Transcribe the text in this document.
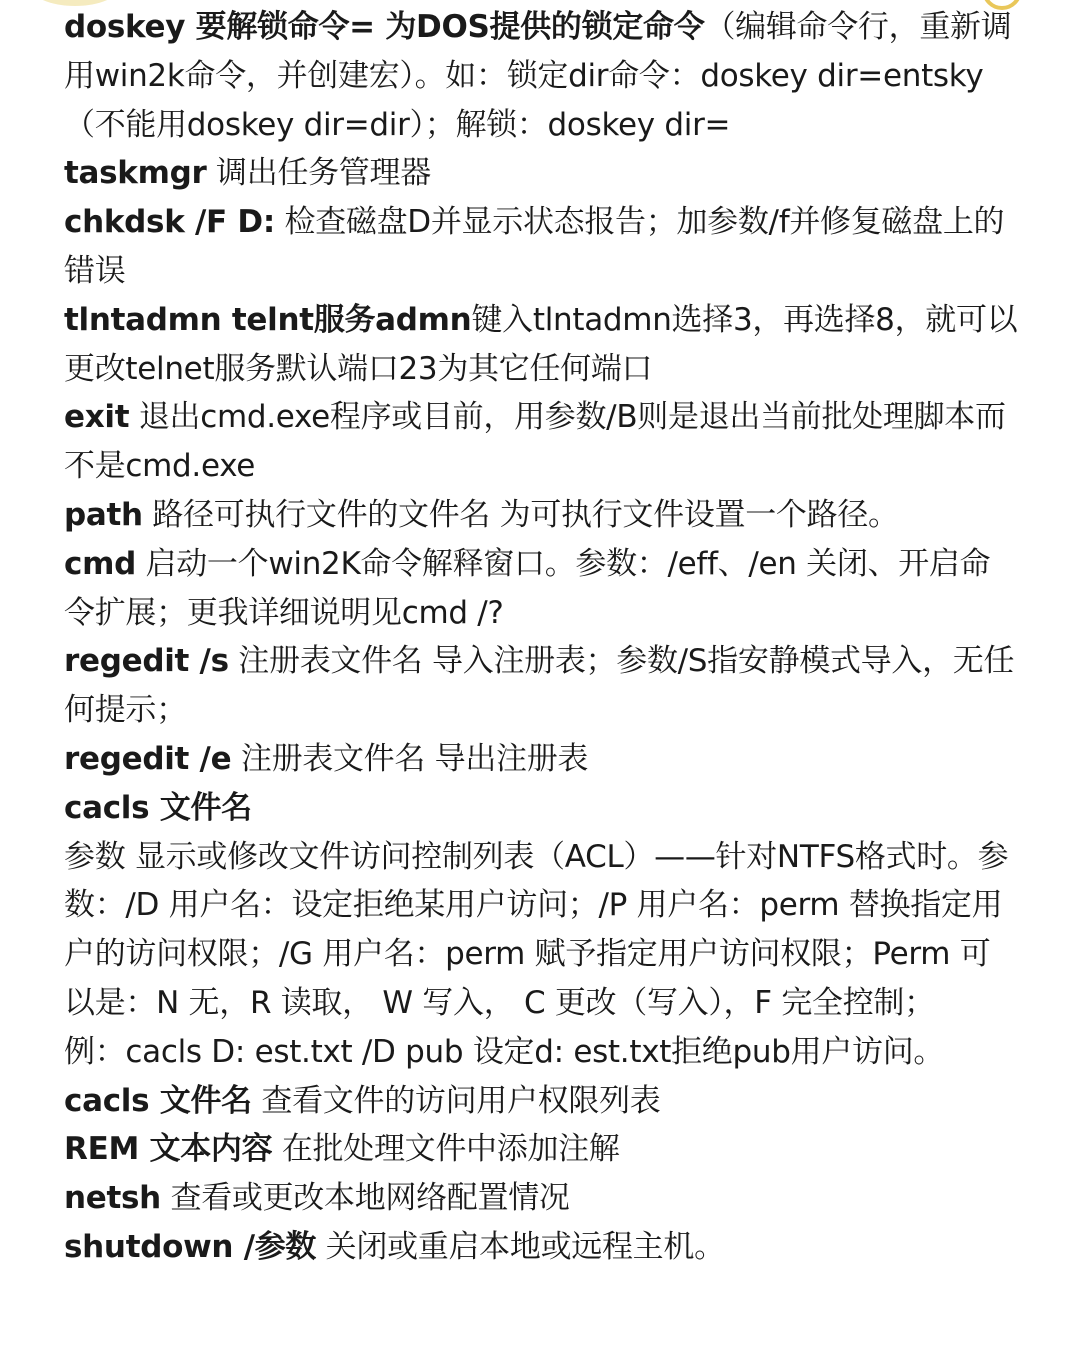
doskey 要解锁命令= 为DOS提供的锁定命令（编辑命令行，重新调用win2k命令，并创建宏）。如：锁定dir命令：doskey dir=entsky （不能用doskey dir=dir）；解锁：doskey dir=

taskmgr 调出任务管理器

chkdsk /F D: 检查磁盘D并显示状态报告；加参数/f并修复磁盘上的错误

tlntadmn telnt服务admn键入tlntadmn选择3，再选择8，就可以更改telnet服务默认端口23为其它任何端口

exit 退出cmd.exe程序或目前，用参数/B则是退出当前批处理脚本而不是cmd.exe

path 路径可执行文件的文件名 为可执行文件设置一个路径。

cmd 启动一个win2K命令解释窗口。参数：/eff、/en 关闭、开启命令扩展；更我详细说明见cmd /?

regedit /s 注册表文件名 导入注册表；参数/S指安静模式导入，无任何提示；

regedit /e 注册表文件名 导出注册表

cacls 文件名

参数 显示或修改文件访问控制列表（ACL）——针对NTFS格式时。参数：/D 用户名：设定拒绝某用户访问；/P 用户名：perm 替换指定用户的访问权限；/G 用户名：perm 赋予指定用户访问权限；Perm 可以是：N 无，R 读取， W 写入， C 更改（写入），F 完全控制；

例：cacls D: est.txt /D pub 设定d: est.txt拒绝pub用户访问。

cacls 文件名 查看文件的访问用户权限列表

REM 文本内容 在批处理文件中添加注解

netsh 查看或更改本地网络配置情况

shutdown /参数 关闭或重启本地或远程主机。
